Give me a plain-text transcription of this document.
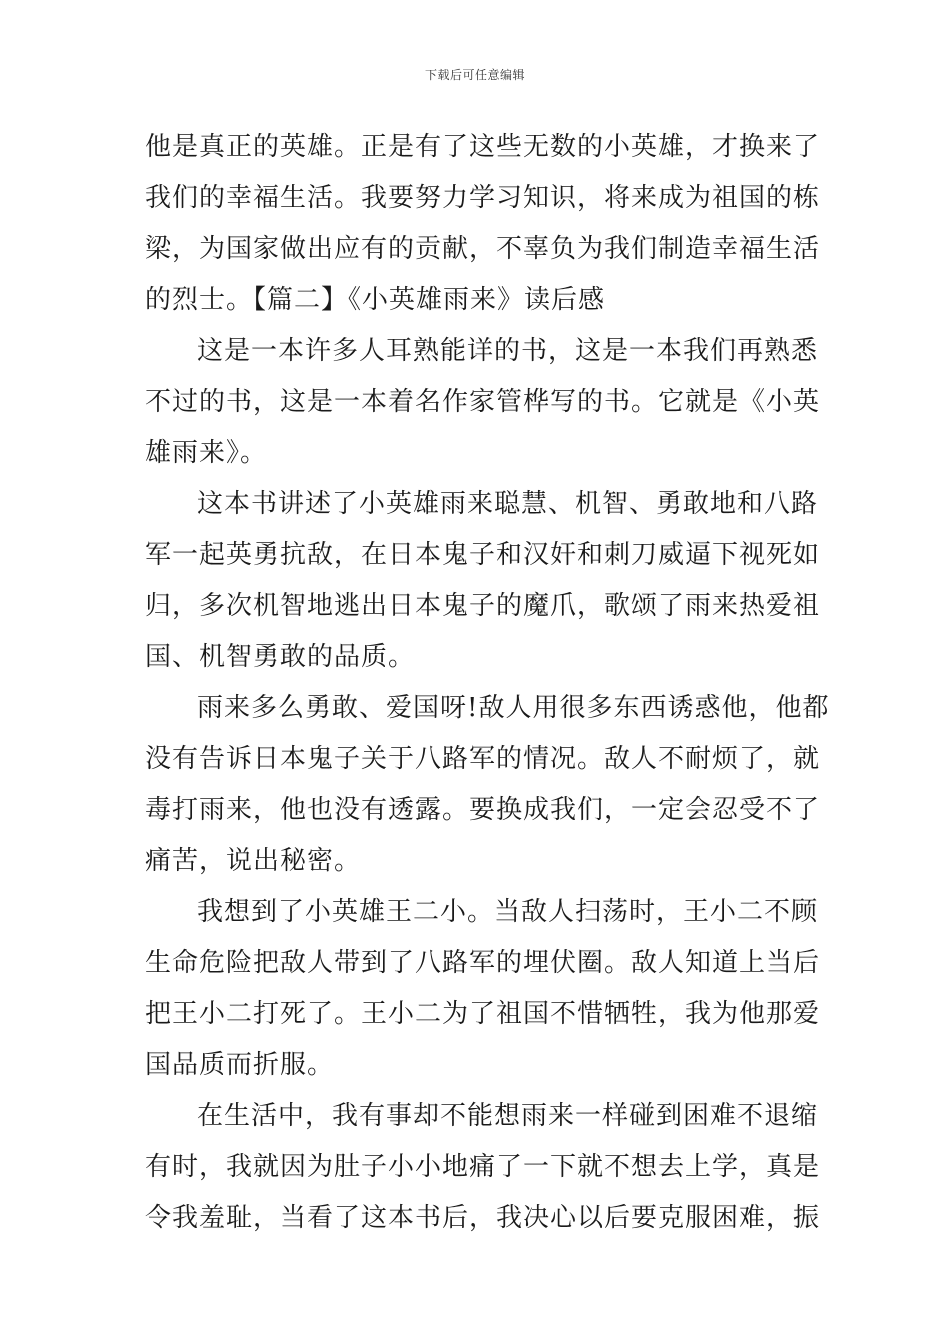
下载后可任意编辑
他是真正的英雄。正是有了这些无数的小英雄，才换来了
我们的幸福生活。我要努力学习知识，将来成为祖国的栋
梁，为国家做出应有的贡献，不辜负为我们制造幸福生活
的烈士。【篇二】《小英雄雨来》读后感
这是一本许多人耳熟能详的书，这是一本我们再熟悉
不过的书，这是一本着名作家管桦写的书。它就是《小英
雄雨来》。
这本书讲述了小英雄雨来聪慧、机智、勇敢地和八路
军一起英勇抗敌，在日本鬼子和汉奸和刺刀威逼下视死如
归，多次机智地逃出日本鬼子的魔爪，歌颂了雨来热爱祖
国、机智勇敢的品质。
雨来多么勇敢、爱国呀!敌人用很多东西诱惑他，他都
没有告诉日本鬼子关于八路军的情况。敌人不耐烦了，就
毒打雨来，他也没有透露。要换成我们，一定会忍受不了
痛苦，说出秘密。
我想到了小英雄王二小。当敌人扫荡时，王小二不顾
生命危险把敌人带到了八路军的埋伏圈。敌人知道上当后
把王小二打死了。王小二为了祖国不惜牺牲，我为他那爱
国品质而折服。
在生活中，我有事却不能想雨来一样碰到困难不退缩
有时，我就因为肚子小小地痛了一下就不想去上学，真是
令我羞耻，当看了这本书后，我决心以后要克服困难，振
